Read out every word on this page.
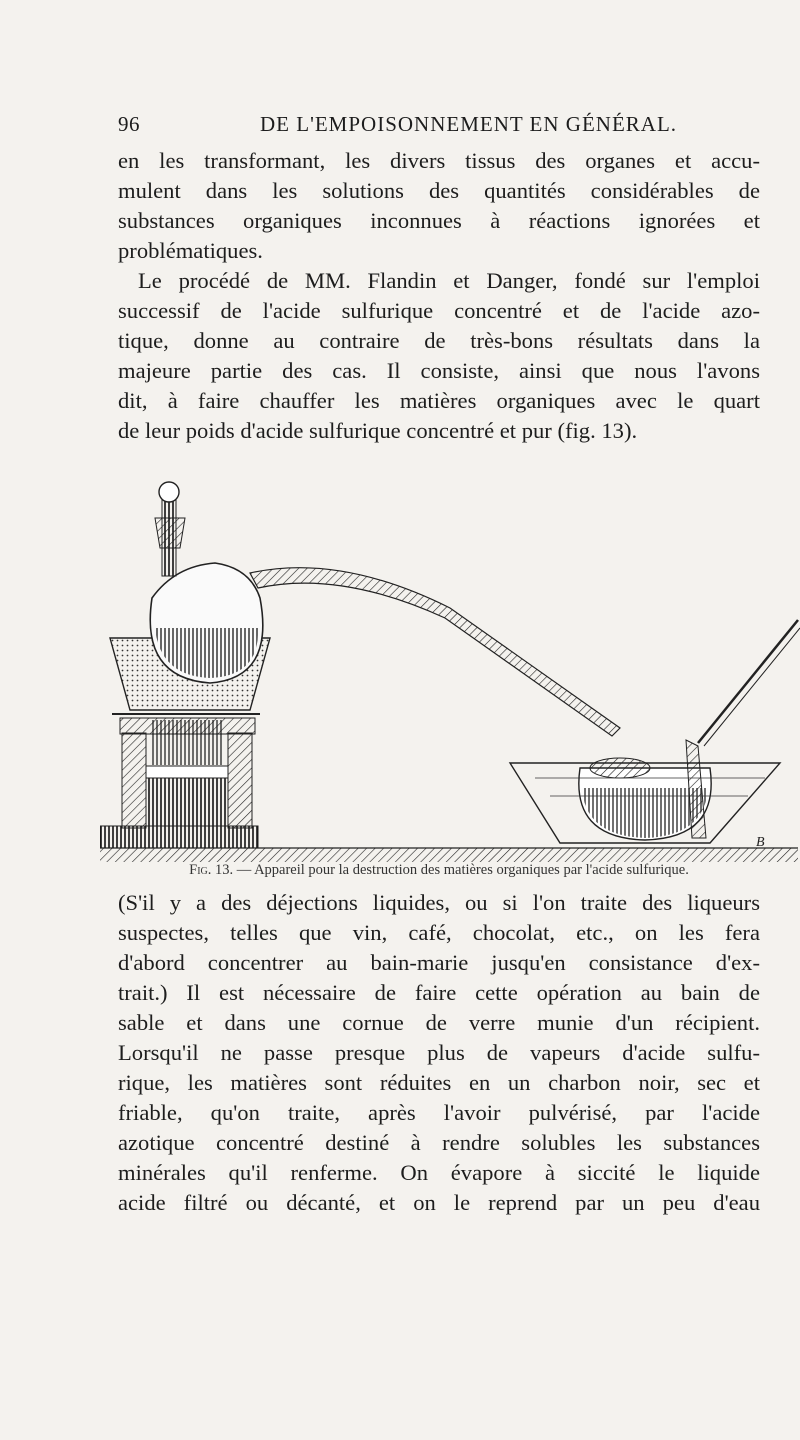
96	DE L'EMPOISONNEMENT EN GÉNÉRAL.
en les transformant, les divers tissus des organes et accu-
mulent dans les solutions des quantités considérables de
substances organiques inconnues à réactions ignorées et
problématiques.
Le procédé de MM. Flandin et Danger, fondé sur l'emploi
successif de l'acide sulfurique concentré et de l'acide azo-
tique, donne au contraire de très-bons résultats dans la
majeure partie des cas. Il consiste, ainsi que nous l'avons
dit, à faire chauffer les matières organiques avec le quart
de leur poids d'acide sulfurique concentré et pur (fig. 13).
B
Fig. 13. — Appareil pour la destruction des matières organiques par l'acide sulfurique.
(S'il y a des déjections liquides, ou si l'on traite des liqueurs
suspectes, telles que vin, café, chocolat, etc., on les fera
d'abord concentrer au bain-marie jusqu'en consistance d'ex-
trait.) Il est nécessaire de faire cette opération au bain de
sable et dans une cornue de verre munie d'un récipient.
Lorsqu'il ne passe presque plus de vapeurs d'acide sulfu-
rique, les matières sont réduites en un charbon noir, sec et
friable, qu'on traite, après l'avoir pulvérisé, par l'acide
azotique concentré destiné à rendre solubles les substances
minérales qu'il renferme. On évapore à siccité le liquide
acide filtré ou décanté, et on le reprend par un peu d'eau
